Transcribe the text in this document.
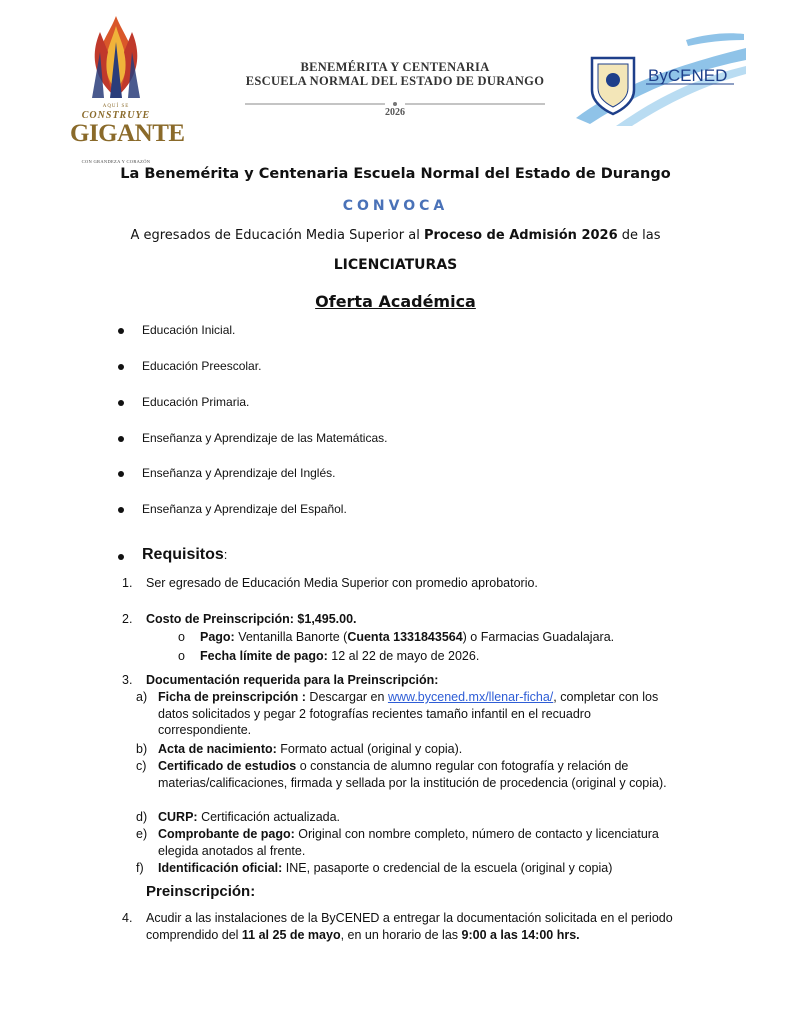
AQUÍ SE
CONSTRUYE
GIGANTE
CON GRANDEZA Y CORAZÓN
BENEMÉRITA Y CENTENARIA
ESCUELA NORMAL DEL ESTADO DE DURANGO
2026
ByCENED
La Benemérita y Centenaria Escuela Normal del Estado de Durango
CONVOCA
A egresados de Educación Media Superior al Proceso de Admisión 2026 de las
LICENCIATURAS
Oferta Académica
Educación Inicial.
Educación Preescolar.
Educación Primaria.
Enseñanza y Aprendizaje de las Matemáticas.
Enseñanza y Aprendizaje del Inglés.
Enseñanza y Aprendizaje del Español.
Requisitos:
1. Ser egresado de Educación Media Superior con promedio aprobatorio.
2. Costo de Preinscripción: $1,495.00.
o Pago: Ventanilla Banorte (Cuenta 1331843564) o Farmacias Guadalajara.
o Fecha límite de pago: 12 al 22 de mayo de 2026.
3. Documentación requerida para la Preinscripción:
a) Ficha de preinscripción : Descargar en www.bycened.mx/llenar-ficha/, completar con los datos solicitados y pegar 2 fotografías recientes tamaño infantil en el recuadro correspondiente.
b) Acta de nacimiento: Formato actual (original y copia).
c) Certificado de estudios o constancia de alumno regular con fotografía y relación de materias/calificaciones, firmada y sellada por la institución de procedencia (original y copia).
d) CURP: Certificación actualizada.
e) Comprobante de pago: Original con nombre completo, número de contacto y licenciatura elegida anotados al frente.
f) Identificación oficial: INE, pasaporte o credencial de la escuela (original y copia)
Preinscripción:
4. Acudir a las instalaciones de la ByCENED a entregar la documentación solicitada en el periodo comprendido del 11 al 25 de mayo, en un horario de las 9:00 a las 14:00 hrs.
